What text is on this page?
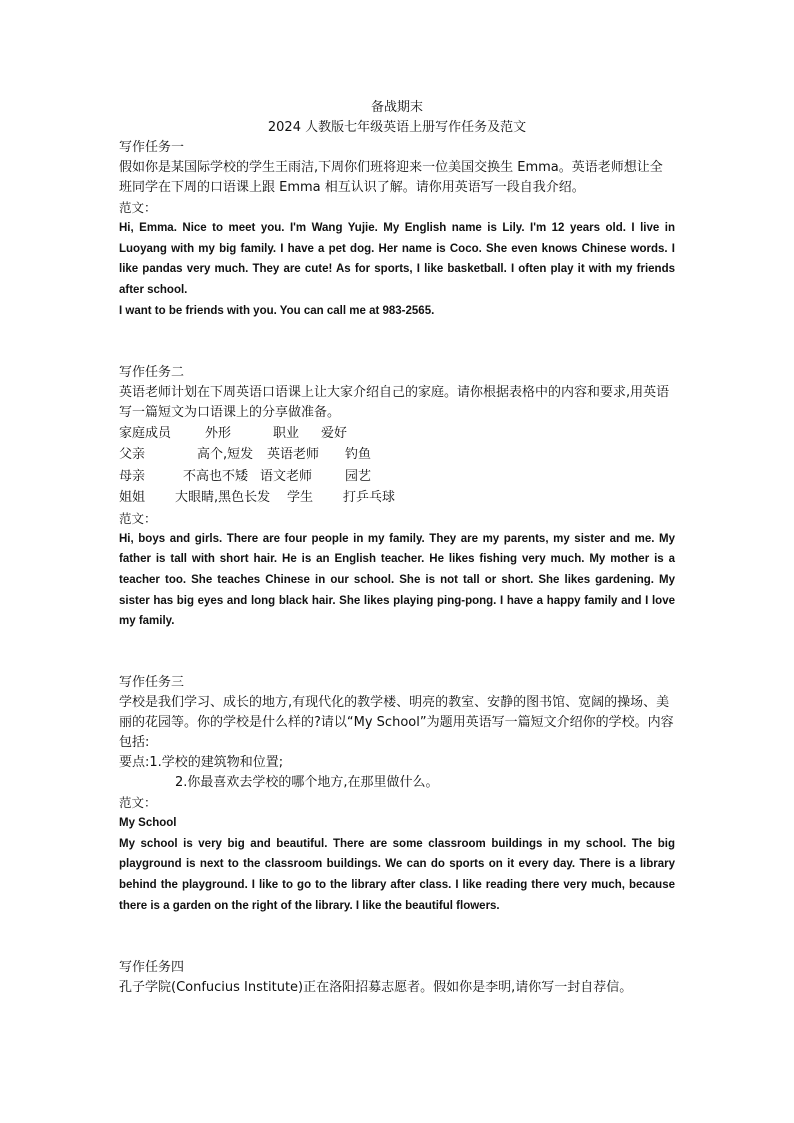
备战期末
2024 人教版七年级英语上册写作任务及范文
写作任务一
假如你是某国际学校的学生王雨洁,下周你们班将迎来一位美国交换生 Emma。英语老师想让全班同学在下周的口语课上跟 Emma 相互认识了解。请你用英语写一段自我介绍。
范文：

Hi, Emma. Nice to meet you. I'm Wang Yujie. My English name is Lily. I'm 12 years old. I live in Luoyang with my big family. I have a pet dog. Her name is Coco. She even knows Chinese words. I like pandas very much. They are cute! As for sports, I like basketball. I often play it with my friends after school.

I want to be friends with you. You can call me at 983-2565.

写作任务二
英语老师计划在下周英语口语课上让大家介绍自己的家庭。请你根据表格中的内容和要求,用英语写一篇短文为口语课上的分享做准备。
家庭成员	外形	职业	爱好
父亲	高个,短发	英语老师	钓鱼
母亲	不高也不矮 语文老师	园艺
姐姐	大眼睛,黑色长发	学生	打乒乓球
范文：

Hi, boys and girls. There are four people in my family. They are my parents, my sister and me. My father is tall with short hair. He is an English teacher. He likes fishing very much. My mother is a teacher too. She teaches Chinese in our school. She is not tall or short. She likes gardening. My sister has big eyes and long black hair. She likes playing ping-pong. I have a happy family and I love my family.

写作任务三
学校是我们学习、成长的地方,有现代化的教学楼、明亮的教室、安静的图书馆、宽阔的操场、美丽的花园等。你的学校是什么样的?请以“My School”为题用英语写一篇短文介绍你的学校。内容包括:
要点:1.学校的建筑物和位置;
2.你最喜欢去学校的哪个地方,在那里做什么。
范文：

My School

My school is very big and beautiful. There are some classroom buildings in my school. The big playground is next to the classroom buildings. We can do sports on it every day. There is a library behind the playground. I like to go to the library after class. I like reading there very much, because there is a garden on the right of the library. I like the beautiful flowers.

写作任务四
孔子学院(Confucius Institute)正在洛阳招募志愿者。假如你是李明,请你写一封自荐信。
